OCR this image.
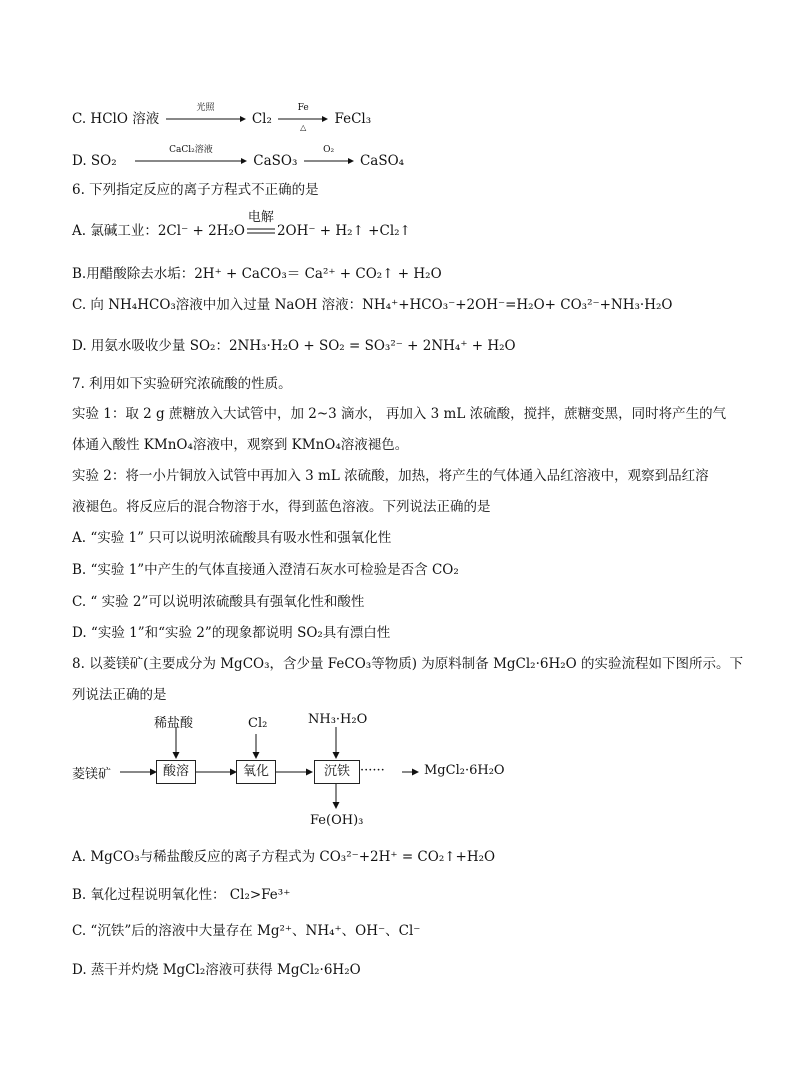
C. HClO 溶液
光照
Cl₂
Fe
△	FeCl₃
D. SO₂
CaCl₂溶液
CaSO₃
O₂
CaSO₄
6. 下列指定反应的离子方程式不正确的是
A. 氯碱工业：2Cl⁻ + 2H₂O
电解
2OH⁻ + H₂↑ +Cl₂↑
B.用醋酸除去水垢：2H⁺ + CaCO₃＝ Ca²⁺ + CO₂↑ + H₂O
C. 向 NH₄HCO₃溶液中加入过量 NaOH 溶液：NH₄⁺+HCO₃⁻+2OH⁻=H₂O+ CO₃²⁻+NH₃·H₂O
D. 用氨水吸收少量 SO₂：2NH₃·H₂O + SO₂ = SO₃²⁻ + 2NH₄⁺ + H₂O
7. 利用如下实验研究浓硫酸的性质。
实验 1：取 2 g 蔗糖放入大试管中，加 2~3 滴水， 再加入 3 mL 浓硫酸，搅拌，蔗糖变黑，同时将产生的气
体通入酸性 KMnO₄溶液中，观察到 KMnO₄溶液褪色。
实验 2：将一小片铜放入试管中再加入 3 mL 浓硫酸，加热，将产生的气体通入品红溶液中，观察到品红溶
液褪色。将反应后的混合物溶于水，得到蓝色溶液。下列说法正确的是
A. “实验 1” 只可以说明浓硫酸具有吸水性和强氧化性
B. “实验 1”中产生的气体直接通入澄清石灰水可检验是否含 CO₂
C. “ 实验 2”可以说明浓硫酸具有强氧化性和酸性
D. “实验 1”和“实验 2”的现象都说明 SO₂具有漂白性
8. 以菱镁矿(主要成分为 MgCO₃，含少量 FeCO₃等物质) 为原料制备 MgCl₂·6H₂O 的实验流程如下图所示。下
列说法正确的是
菱镁矿
稀盐酸
酸溶
Cl₂
氧化
NH₃·H₂O
沉铁 ······	MgCl₂·6H₂O
Fe(OH)₃
A. MgCO₃与稀盐酸反应的离子方程式为 CO₃²⁻+2H⁺ = CO₂↑+H₂O
B. 氧化过程说明氧化性： Cl₂>Fe³⁺
C. “沉铁”后的溶液中大量存在 Mg²⁺、NH₄⁺、OH⁻、Cl⁻
D. 蒸干并灼烧 MgCl₂溶液可获得 MgCl₂·6H₂O
